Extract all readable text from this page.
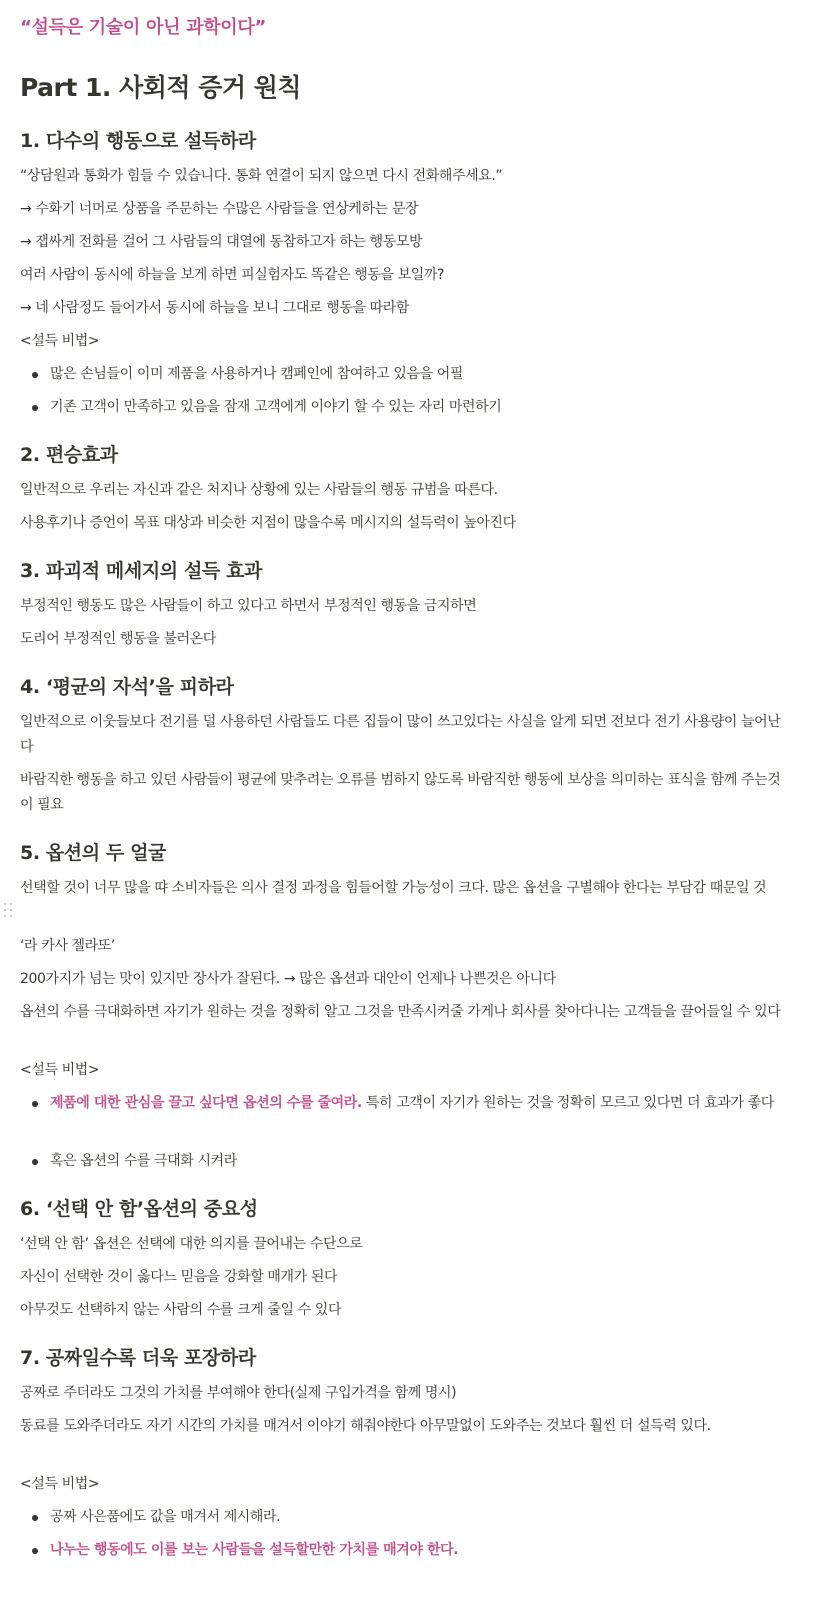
“설득은 기술이 아닌 과학이다”

Part 1. 사회적 증거 원칙
1. 다수의 행동으로 설득하라

“상담원과 통화가 힘들 수 있습니다. 통화 연결이 되지 않으면 다시 전화해주세요.”

→ 수화기 너머로 상품을 주문하는 수많은 사람들을 연상케하는 문장

→ 잽싸게 전화를 걸어 그 사람들의 대열에 동참하고자 하는 행동모방

여러 사람이 동시에 하늘을 보게 하면 피실험자도 똑같은 행동을 보일까?

→ 네 사람정도 들어가서 동시에 하늘을 보니 그대로 행동을 따라함

<설득 비법>

많은 손님들이 이미 제품을 사용하거나 캠페인에 참여하고 있음을 어필
기존 고객이 만족하고 있음을 잠재 고객에게 이야기 할 수 있는 자리 마련하기
2. 편승효과

일반적으로 우리는 자신과 같은 처지나 상황에 있는 사람들의 행동 규범을 따른다.

사용후기나 증언이 목표 대상과 비슷한 지점이 많을수록 메시지의 설득력이 높아진다

3. 파괴적 메세지의 설득 효과

부정적인 행동도 많은 사람들이 하고 있다고 하면서 부정적인 행동을 금지하면

도리어 부정적인 행동을 불러온다

4. ‘평균의 자석’을 피하라

일반적으로 이웃들보다 전기를 덜 사용하던 사람들도 다른 집들이 많이 쓰고있다는 사실을 알게 되면 전보다 전기 사용량이 늘어난다

바람직한 행동을 하고 있던 사람들이 평균에 맞추려는 오류를 범하지 않도록 바람직한 행동에 보상을 의미하는 표식을 함께 주는것이 필요

5. 옵션의 두 얼굴

선택할 것이 너무 많을 땨 소비자들은 의사 결정 과정을 힘들어할 가능성이 크다. 많은 옵션을 구별해야 한다는 부담감 때문일 것

‘라 카사 젤라또’

200가지가 넘는 맛이 있지만 장사가 잘된다. → 많은 옵션과 대안이 언제나 나쁜것은 아니다

옵션의 수를 극대화하면 자기가 원하는 것을 정확히 알고 그것을 만족시켜줄 가게나 회사를 찾아다니는 고객들을 끌어들일 수 있다

<설득 비법>

제품에 대한 관심을 끌고 싶다면 옵션의 수를 줄여라. 특히 고객이 자기가 원하는 것을 정확히 모르고 있다면 더 효과가 좋다
혹은 옵션의 수를 극대화 시켜라
6. ‘선택 안 함’옵션의 중요성

‘선택 안 함’ 옵션은 선택에 대한 의지를 끌어내는 수단으로

자신이 선택한 것이 옳다느 믿음을 강화할 매개가 된다

아무것도 선택하지 않는 사람의 수를 크게 줄일 수 있다

7. 공짜일수록 더욱 포장하라

공짜로 주더라도 그것의 가치를 부여해야 한다(실제 구입가격을 함께 명시)

동료를 도와주더라도 자기 시간의 가치를 매겨서 이야기 해줘야한다 아무말없이 도와주는 것보다 훨씬 더 설득력 있다.

<설득 비법>

공짜 사은품에도 값을 매겨서 제시해라.
나누는 행동에도 이를 보는 사람들을 설득할만한 가치를 매겨야 한다.
